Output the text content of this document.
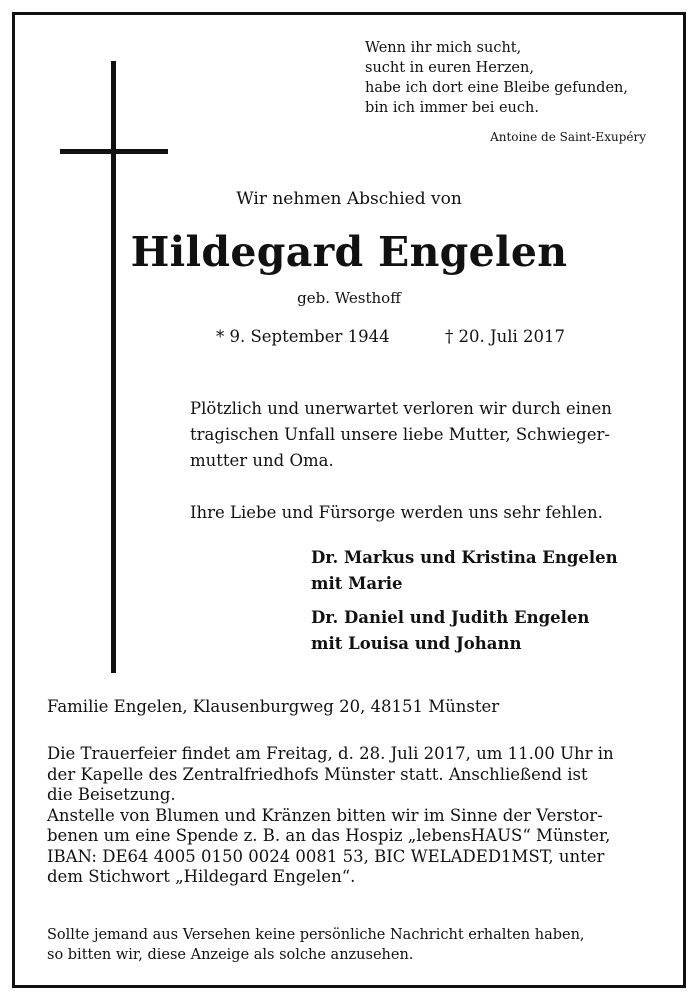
Wenn ihr mich sucht,
sucht in euren Herzen,
habe ich dort eine Bleibe gefunden,
bin ich immer bei euch.
Antoine de Saint-Exupéry
Wir nehmen Abschied von
Hildegard Engelen
geb. Westhoff
* 9. September 1944	† 20. Juli 2017
Plötzlich und unerwartet verloren wir durch einen
tragischen Unfall unsere liebe Mutter, Schwieger-
mutter und Oma.
Ihre Liebe und Fürsorge werden uns sehr fehlen.
Dr. Markus und Kristina Engelen
mit Marie
Dr. Daniel und Judith Engelen
mit Louisa und Johann
Familie Engelen, Klausenburgweg 20, 48151 Münster
Die Trauerfeier findet am Freitag, d. 28. Juli 2017, um 11.00 Uhr in
der Kapelle des Zentralfriedhofs Münster statt. Anschließend ist
die Beisetzung.
Anstelle von Blumen und Kränzen bitten wir im Sinne der Verstor-
benen um eine Spende z. B. an das Hospiz „lebensHAUS“ Münster,
IBAN: DE64 4005 0150 0024 0081 53, BIC WELADED1MST, unter
dem Stichwort „Hildegard Engelen“.
Sollte jemand aus Versehen keine persönliche Nachricht erhalten haben,
so bitten wir, diese Anzeige als solche anzusehen.
